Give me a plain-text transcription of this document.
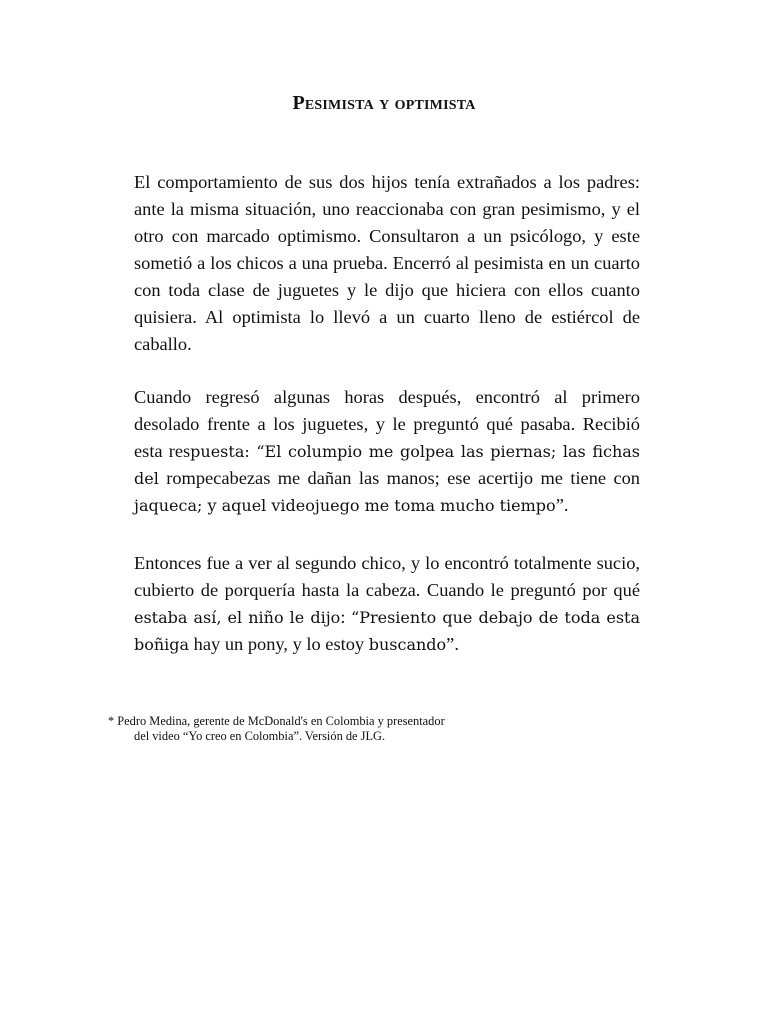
Pesimista y optimista

El comportamiento de sus dos hijos tenía extrañados a los padres: ante la misma situación, uno reaccionaba con gran pesimismo, y el otro con marcado optimismo. Consultaron a un psicólogo, y este sometió a los chicos a una prueba. Encerró al pesimista en un cuarto con toda clase de juguetes y le dijo que hiciera con ellos cuanto quisiera. Al optimista lo llevó a un cuarto lleno de estiércol de caballo.

Cuando regresó algunas horas después, encontró al primero desolado frente a los juguetes, y le preguntó qué pasaba. Recibió esta respuesta: “El columpio me golpea las piernas; las fichas del rompecabezas me dañan las manos; ese acertijo me tiene con jaqueca; y aquel videojuego me toma mucho tiempo”.

Entonces fue a ver al segundo chico, y lo encontró totalmente sucio, cubierto de porquería hasta la cabeza. Cuando le preguntó por qué estaba así, el niño le dijo: “Presiento que debajo de toda esta boñiga hay un pony, y lo estoy buscando”.

* Pedro Medina, gerente de McDonald's en Colombia y presentador
del video “Yo creo en Colombia”. Versión de JLG.
